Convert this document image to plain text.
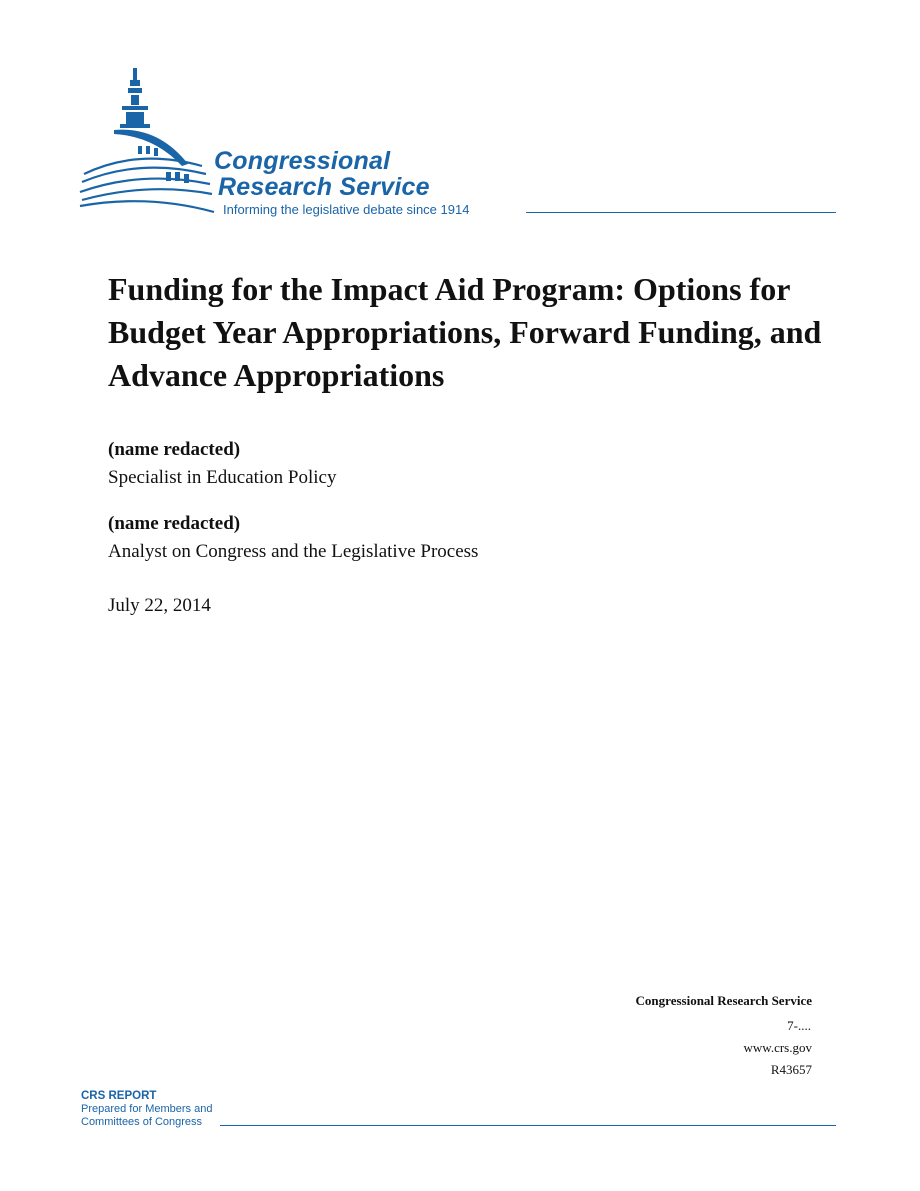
Congressional
Research Service
Informing the legislative debate since 1914
Funding for the Impact Aid Program: Options for Budget Year Appropriations, Forward Funding, and Advance Appropriations
(name redacted)
Specialist in Education Policy
(name redacted)
Analyst on Congress and the Legislative Process
July 22, 2014
Congressional Research Service
7-....
www.crs.gov
R43657
CRS REPORT
Prepared for Members and
Committees of Congress
